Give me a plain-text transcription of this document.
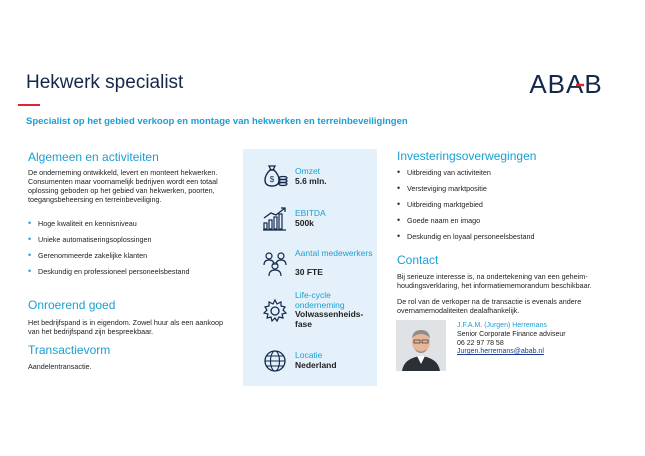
Hekwerk specialist
Specialist op het gebied verkoop en montage van hekwerken en terreinbeveiligingen
ABAB
Algemeen en activiteiten
De onderneming ontwikkeld, levert en monteert hekwerken. Consumenten maar voornamelijk bedrijven wordt een totaal oplossing geboden op het gebied van hekwerken, poorten, toegangsbeheersing en terreinbeveiliging.
• Hoge kwaliteit en kennisniveau
• Unieke automatiseringsoplossingen
• Gerenommeerde zakelijke klanten
• Deskundig en professioneel personeelsbestand
Onroerend goed
Het bedrijfspand is in eigendom. Zowel huur als een aankoop van het bedrijfspand zijn bespreekbaar.
Transactievorm
Aandelentransactie.
$
Omzet
5.6 mln.
EBITDA
500k
Aantal medewerkers
30 FTE
Life-cycle onderneming
Volwassenheids-fase
Locatie
Nederland
Investeringsoverwegingen
• Uitbreiding van activiteiten
• Versteviging marktpositie
• Uitbreiding marktgebied
• Goede naam en imago
• Deskundig en loyaal personeelsbestand
Contact
Bij serieuze interesse is, na ondertekening van een geheim-houdingsverklaring, het informatiememorandum beschikbaar.
De rol van de verkoper na de transactie is evenals andere overnamemodaliteiten dealafhankelijk.
J.F.A.M. (Jurgen) Herremans
Senior Corporate Finance adviseur
06 22 97 78 58
Jurgen.herremans@abab.nl
